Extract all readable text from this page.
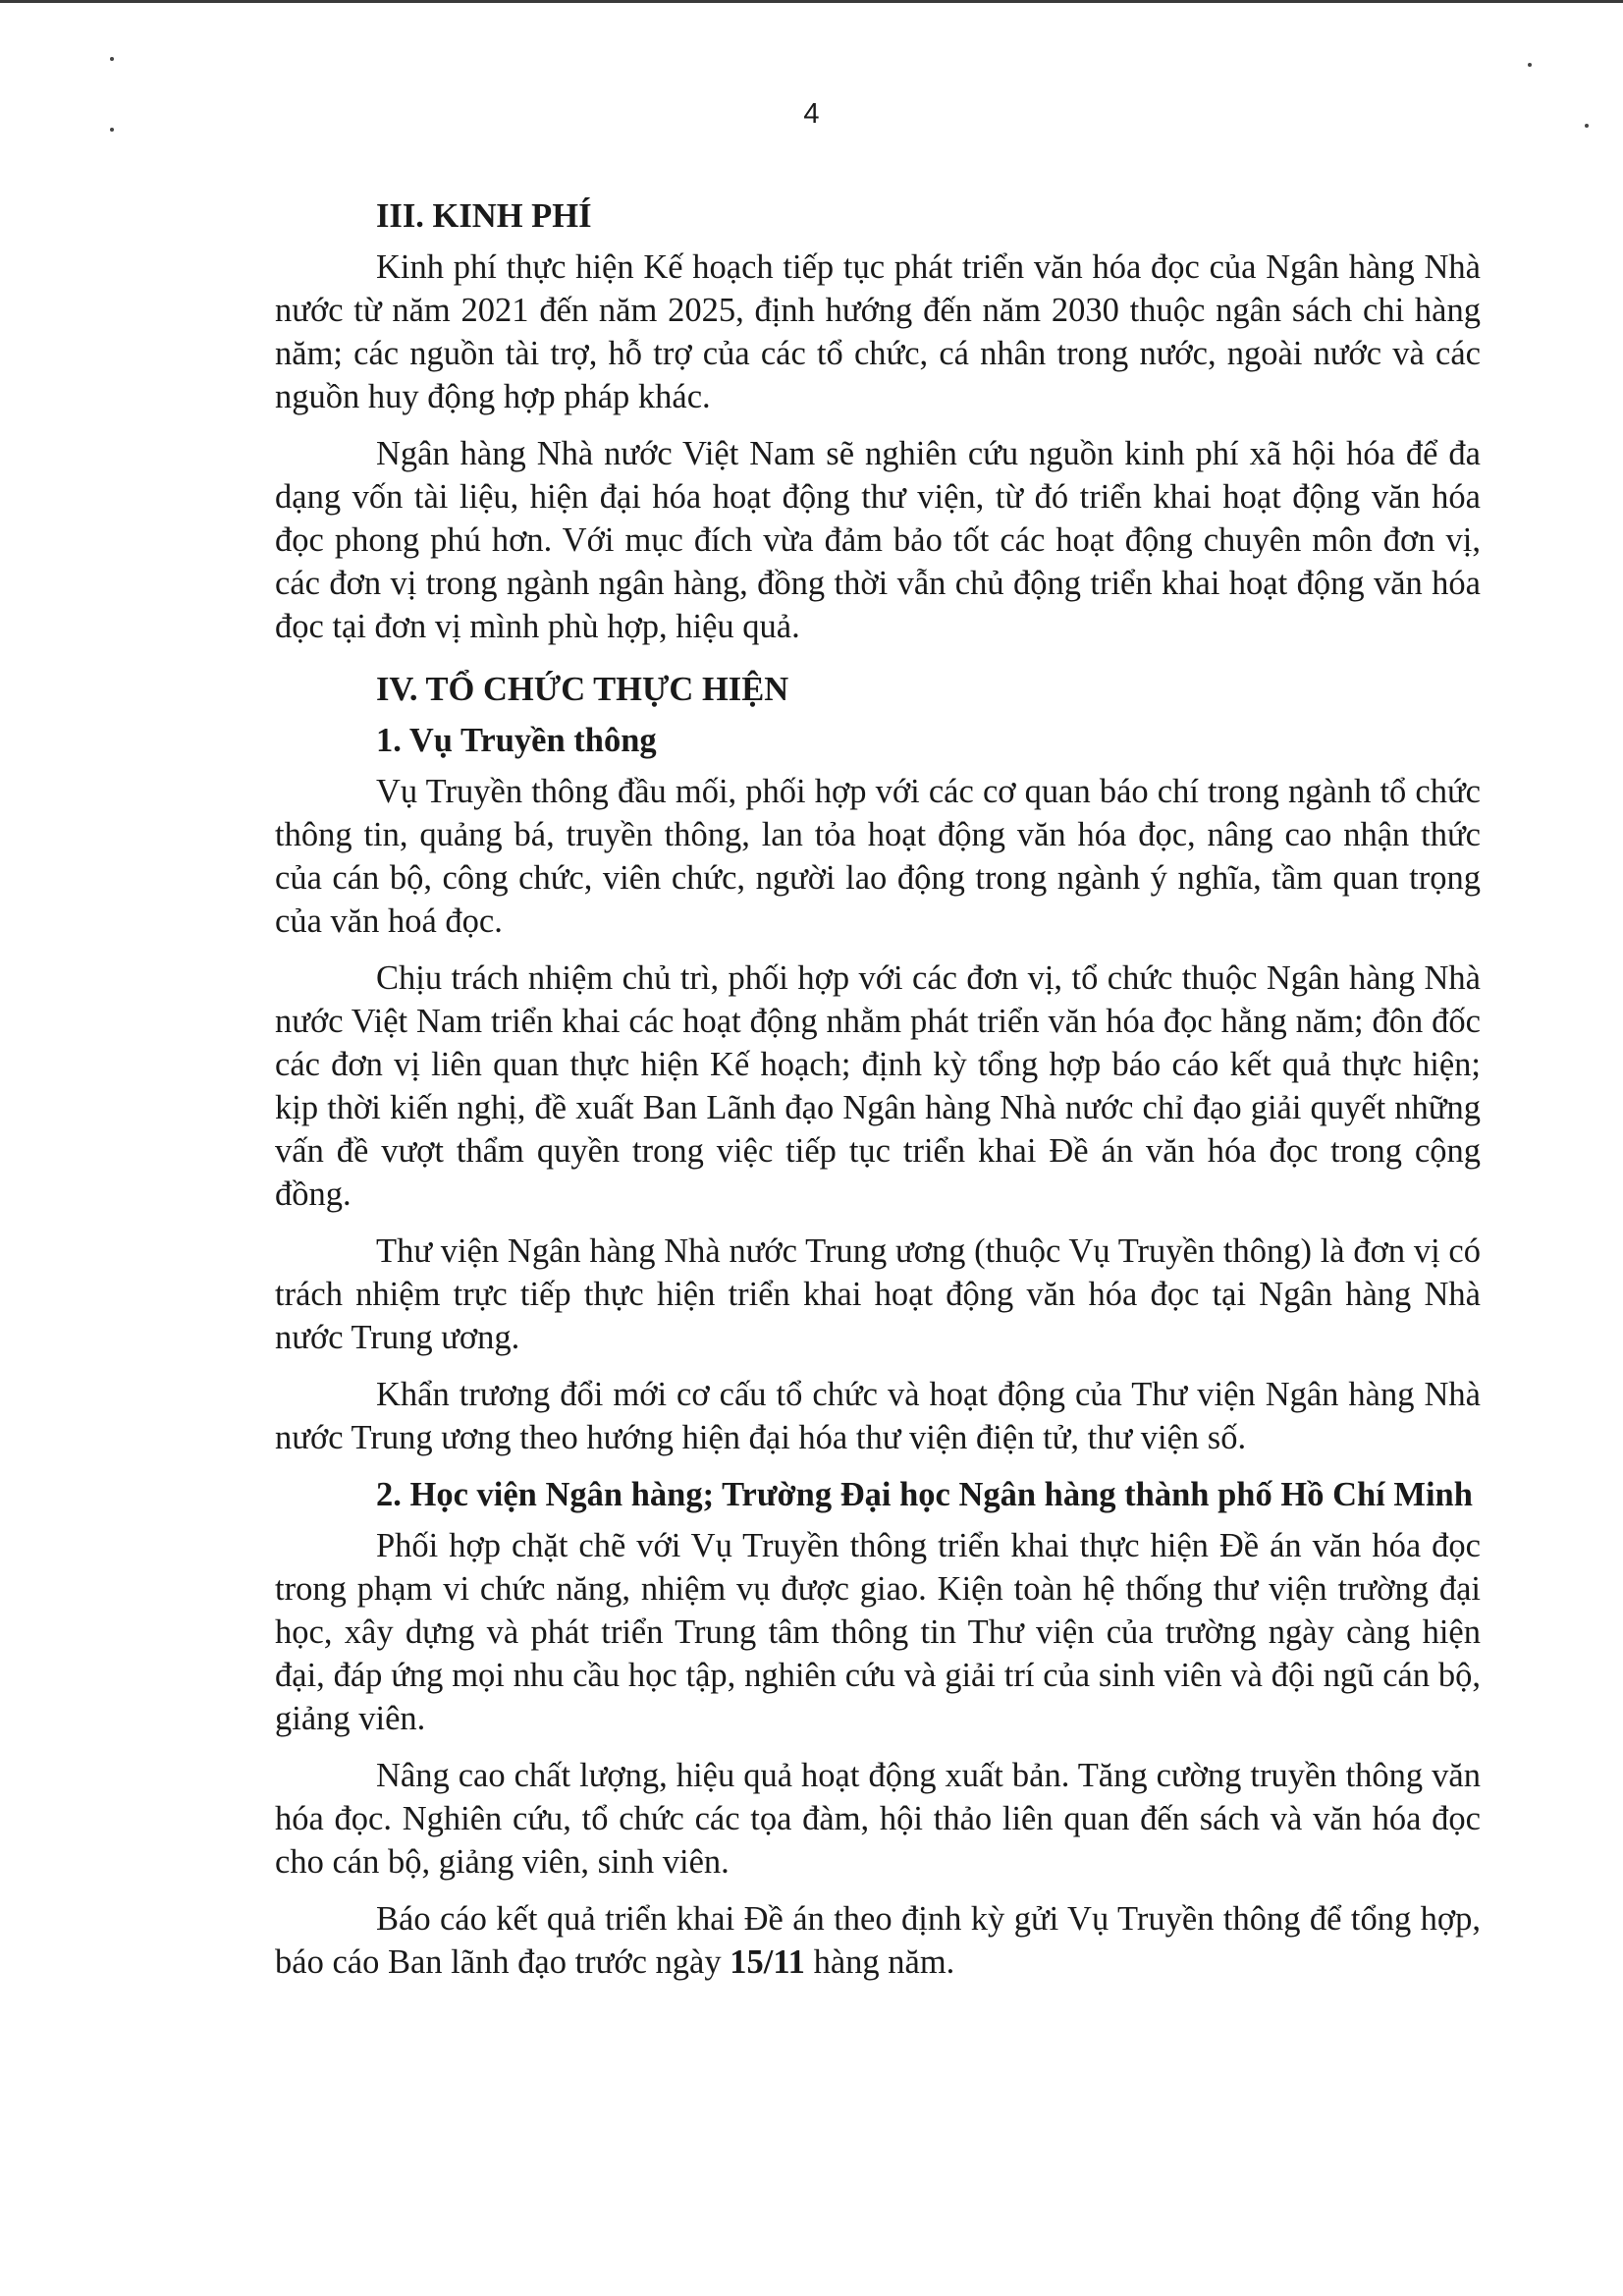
4

III. KINH PHÍ

Kinh phí thực hiện Kế hoạch tiếp tục phát triển văn hóa đọc của Ngân hàng Nhà nước từ năm 2021 đến năm 2025, định hướng đến năm 2030 thuộc ngân sách chi hàng năm; các nguồn tài trợ, hỗ trợ của các tổ chức, cá nhân trong nước, ngoài nước và các nguồn huy động hợp pháp khác.

Ngân hàng Nhà nước Việt Nam sẽ nghiên cứu nguồn kinh phí xã hội hóa để đa dạng vốn tài liệu, hiện đại hóa hoạt động thư viện, từ đó triển khai hoạt động văn hóa đọc phong phú hơn. Với mục đích vừa đảm bảo tốt các hoạt động chuyên môn đơn vị, các đơn vị trong ngành ngân hàng, đồng thời vẫn chủ động triển khai hoạt động văn hóa đọc tại đơn vị mình phù hợp, hiệu quả.

IV. TỔ CHỨC THỰC HIỆN

1. Vụ Truyền thông

Vụ Truyền thông đầu mối, phối hợp với các cơ quan báo chí trong ngành tổ chức thông tin, quảng bá, truyền thông, lan tỏa hoạt động văn hóa đọc, nâng cao nhận thức của cán bộ, công chức, viên chức, người lao động trong ngành ý nghĩa, tầm quan trọng của văn hoá đọc.

Chịu trách nhiệm chủ trì, phối hợp với các đơn vị, tổ chức thuộc Ngân hàng Nhà nước Việt Nam triển khai các hoạt động nhằm phát triển văn hóa đọc hằng năm; đôn đốc các đơn vị liên quan thực hiện Kế hoạch; định kỳ tổng hợp báo cáo kết quả thực hiện; kịp thời kiến nghị, đề xuất Ban Lãnh đạo Ngân hàng Nhà nước chỉ đạo giải quyết những vấn đề vượt thẩm quyền trong việc tiếp tục triển khai Đề án văn hóa đọc trong cộng đồng.

Thư viện Ngân hàng Nhà nước Trung ương (thuộc Vụ Truyền thông) là đơn vị có trách nhiệm trực tiếp thực hiện triển khai hoạt động văn hóa đọc tại Ngân hàng Nhà nước Trung ương.

Khẩn trương đổi mới cơ cấu tổ chức và hoạt động của Thư viện Ngân hàng Nhà nước Trung ương theo hướng hiện đại hóa thư viện điện tử, thư viện số.

2. Học viện Ngân hàng; Trường Đại học Ngân hàng thành phố Hồ Chí Minh

Phối hợp chặt chẽ với Vụ Truyền thông triển khai thực hiện Đề án văn hóa đọc trong phạm vi chức năng, nhiệm vụ được giao. Kiện toàn hệ thống thư viện trường đại học, xây dựng và phát triển Trung tâm thông tin Thư viện của trường ngày càng hiện đại, đáp ứng mọi nhu cầu học tập, nghiên cứu và giải trí của sinh viên và đội ngũ cán bộ, giảng viên.

Nâng cao chất lượng, hiệu quả hoạt động xuất bản. Tăng cường truyền thông văn hóa đọc. Nghiên cứu, tổ chức các tọa đàm, hội thảo liên quan đến sách và văn hóa đọc cho cán bộ, giảng viên, sinh viên.

Báo cáo kết quả triển khai Đề án theo định kỳ gửi Vụ Truyền thông để tổng hợp, báo cáo Ban lãnh đạo trước ngày 15/11 hàng năm.
